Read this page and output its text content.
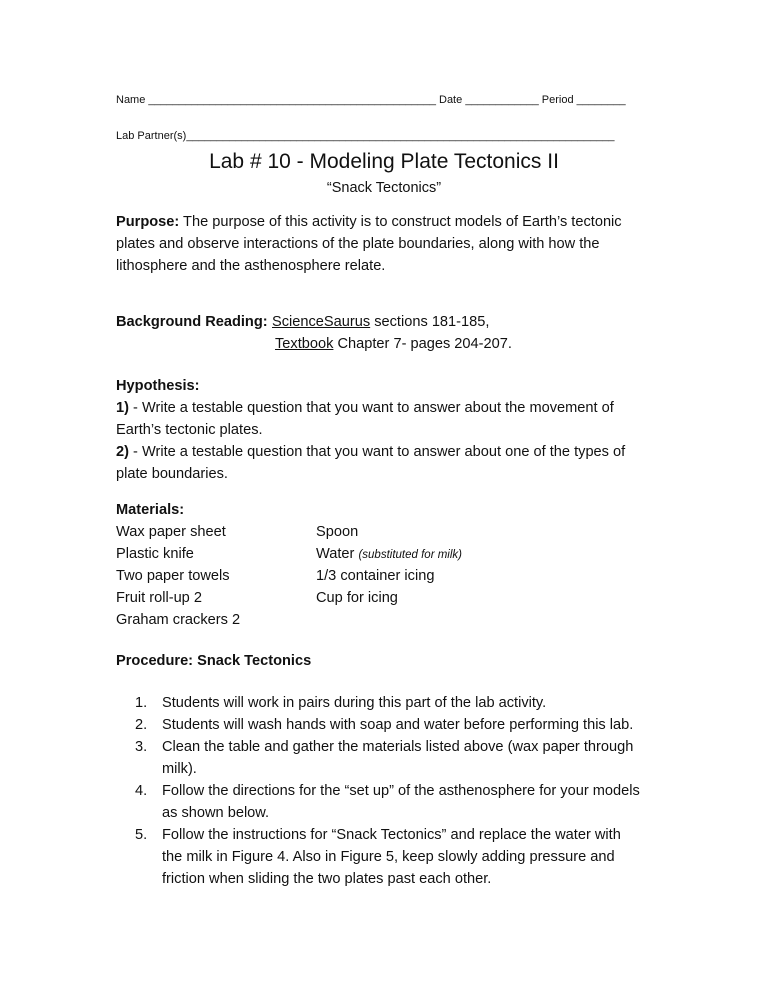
Name _______________________________________________ Date ____________ Period ________
Lab Partner(s)______________________________________________________________________
Lab # 10 - Modeling Plate Tectonics II
“Snack Tectonics”
Purpose: The purpose of this activity is to construct models of Earth’s tectonic
plates and observe interactions of the plate boundaries, along with how the
lithosphere and the asthenosphere relate.
Background Reading: ScienceSaurus sections 181-185,
Textbook Chapter 7- pages 204-207.
Hypothesis:
1) - Write a testable question that you want to answer about the movement of
Earth’s tectonic plates.
2) - Write a testable question that you want to answer about one of the types of
plate boundaries.
Materials:
Wax paper sheet
Plastic knife
Two paper towels
Fruit roll-up 2
Graham crackers 2
Spoon
Water (substituted for milk)
1/3 container icing
Cup for icing
Procedure: Snack Tectonics
1. Students will work in pairs during this part of the lab activity.
2. Students will wash hands with soap and water before performing this lab.
3. Clean the table and gather the materials listed above (wax paper through
milk).
4. Follow the directions for the “set up” of the asthenosphere for your models
as shown below.
5. Follow the instructions for “Snack Tectonics” and replace the water with
the milk in Figure 4. Also in Figure 5, keep slowly adding pressure and
friction when sliding the two plates past each other.
